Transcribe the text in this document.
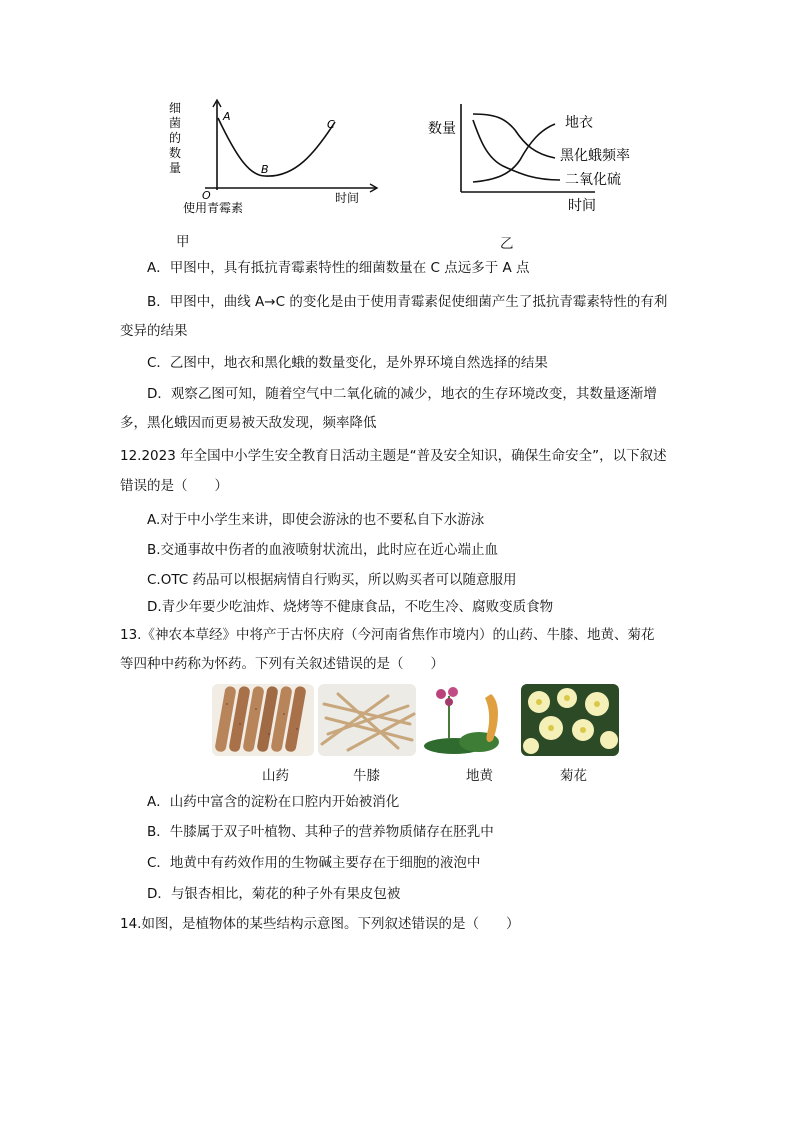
细
菌
的
数
量
A
B
C
O
使用青霉素
时间
甲
数量	地衣
黑化蛾频率
二氧化硫
时间
乙
A．甲图中，具有抵抗青霉素特性的细菌数量在 C 点远多于 A 点
B．甲图中，曲线 A→C 的变化是由于使用青霉素促使细菌产生了抵抗青霉素特性的有利
变异的结果
C．乙图中，地衣和黑化蛾的数量变化，是外界环境自然选择的结果
D．观察乙图可知，随着空气中二氧化硫的减少，地衣的生存环境改变，其数量逐渐增
多，黑化蛾因而更易被天敌发现，频率降低
12.2023 年全国中小学生安全教育日活动主题是“普及安全知识，确保生命安全”，以下叙述
错误的是（　　）
A.对于中小学生来讲，即使会游泳的也不要私自下水游泳
B.交通事故中伤者的血液喷射状流出，此时应在近心端止血
C.OTC 药品可以根据病情自行购买，所以购买者可以随意服用
D.青少年要少吃油炸、烧烤等不健康食品，不吃生冷、腐败变质食物
13.《神农本草经》中将产于古怀庆府（今河南省焦作市境内）的山药、牛膝、地黄、菊花
等四种中药称为怀药。下列有关叙述错误的是（　　）
山药	牛膝	地黄	菊花
A．山药中富含的淀粉在口腔内开始被消化
B．牛膝属于双子叶植物、其种子的营养物质储存在胚乳中
C．地黄中有药效作用的生物碱主要存在于细胞的液泡中
D．与银杏相比，菊花的种子外有果皮包被
14.如图，是植物体的某些结构示意图。下列叙述错误的是（　　）
